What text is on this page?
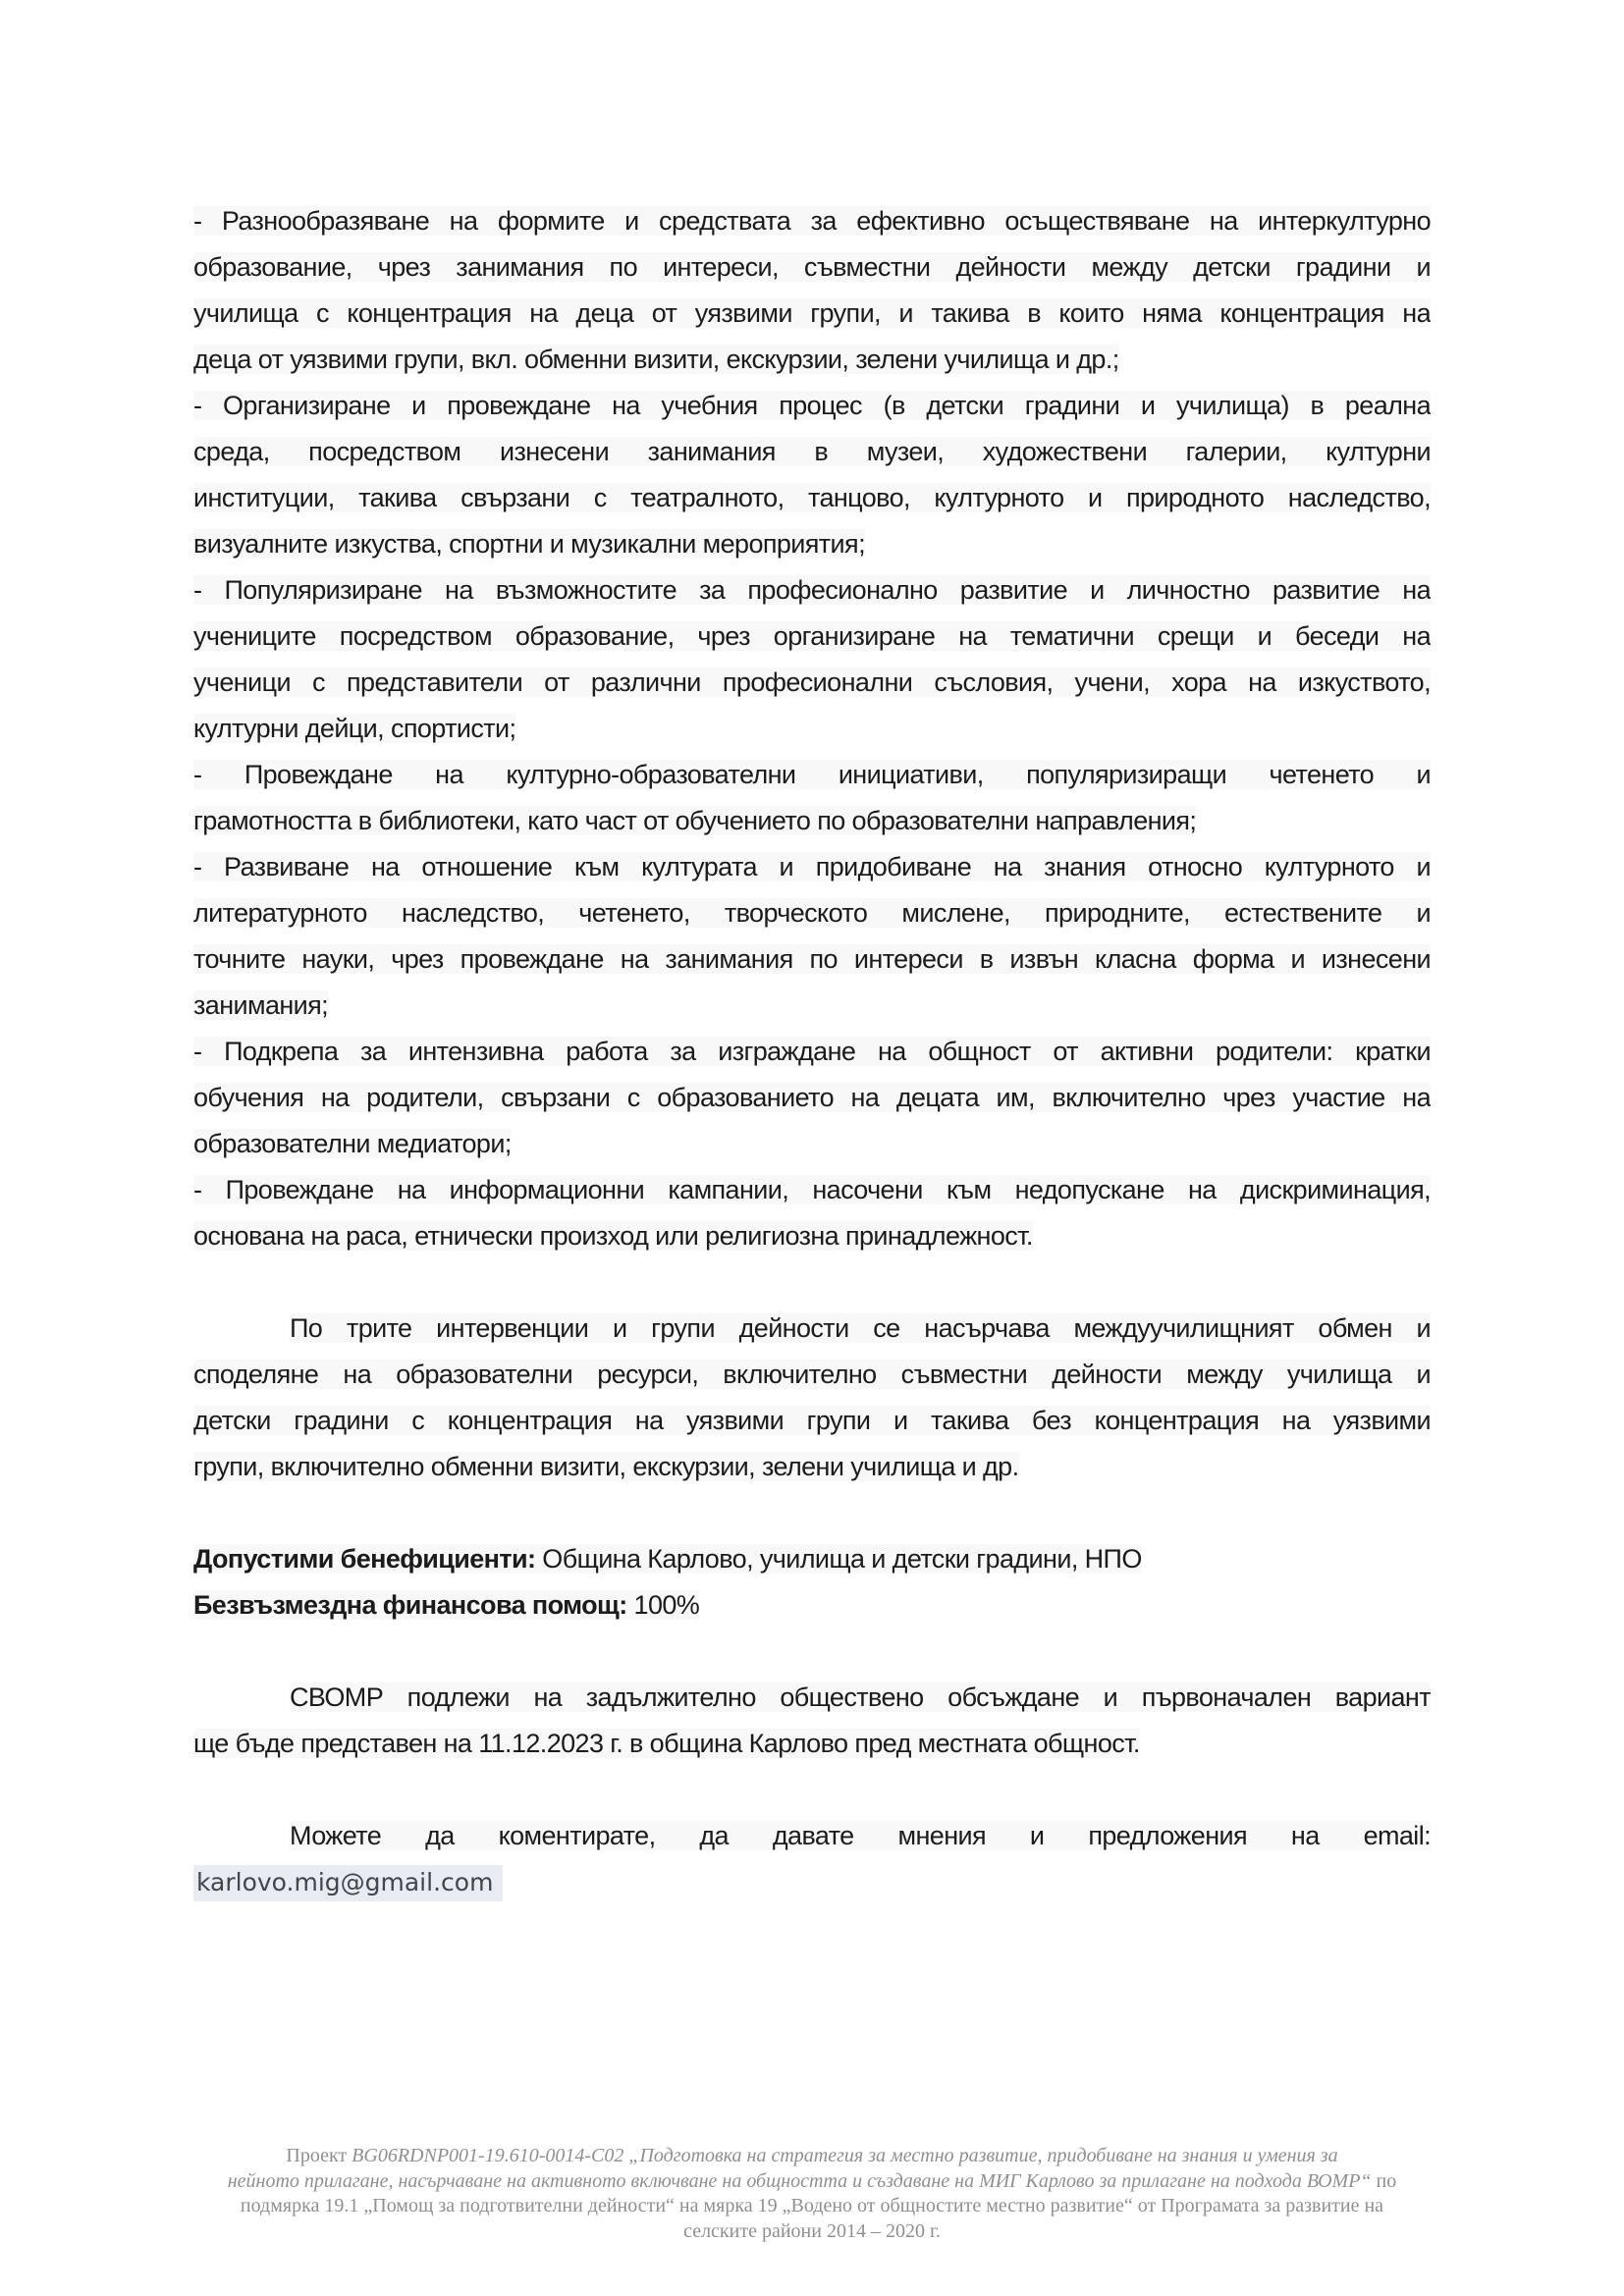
- Разнообразяване на формите и средствата за ефективно осъществяване на интеркултурно
образование, чрез занимания по интереси, съвместни дейности между детски градини и
училища с концентрация на деца от уязвими групи, и такива в които няма концентрация на
деца от уязвими групи, вкл. обменни визити, екскурзии, зелени училища и др.;
- Организиране и провеждане на учебния процес (в детски градини и училища) в реална
среда, посредством изнесени занимания в музеи, художествени галерии, културни
институции, такива свързани с театралното, танцово, културното и природното наследство,
визуалните изкуства, спортни и музикални мероприятия;
- Популяризиране на възможностите за професионално развитие и личностно развитие на
учениците посредством образование, чрез организиране на тематични срещи и беседи на
ученици с представители от различни професионални съсловия, учени, хора на изкуството,
културни дейци, спортисти;
- Провеждане на културно-образователни инициативи, популяризиращи четенето и
грамотността в библиотеки, като част от обучението по образователни направления;
- Развиване на отношение към културата и придобиване на знания относно културното и
литературното наследство, четенето, творческото мислене, природните, естествените и
точните науки, чрез провеждане на занимания по интереси в извън класна форма и изнесени
занимания;
- Подкрепа за интензивна работа за изграждане на общност от активни родители: кратки
обучения на родители, свързани с образованието на децата им, включително чрез участие на
образователни медиатори;
- Провеждане на информационни кампании, насочени към недопускане на дискриминация,
основана на раса, етнически произход или религиозна принадлежност.
По трите интервенции и групи дейности се насърчава междуучилищният обмен и
споделяне на образователни ресурси, включително съвместни дейности между училища и
детски градини с концентрация на уязвими групи и такива без концентрация на уязвими
групи, включително обменни визити, екскурзии, зелени училища и др.
Допустими бенефициенти: Община Карлово, училища и детски градини, НПО
Безвъзмездна финансова помощ: 100%
СВОМР подлежи на задължително обществено обсъждане и първоначален вариант
ще бъде представен на 11.12.2023 г. в община Карлово пред местната общност.
Можете да коментирате, да давате мнения и предложения на email:
karlovo.mig@gmail.com
Проект BG06RDNP001-19.610-0014-C02 „Подготовка на стратегия за местно развитие, придобиване на знания и умения за
нейното прилагане, насърчаване на активното включване на общността и създаване на МИГ Карлово за прилагане на подхода ВОМР“ по
подмярка 19.1 „Помощ за подготвителни дейности“ на мярка 19 „Водено от общностите местно развитие“ от Програмата за развитие на
селските райони 2014 – 2020 г.
